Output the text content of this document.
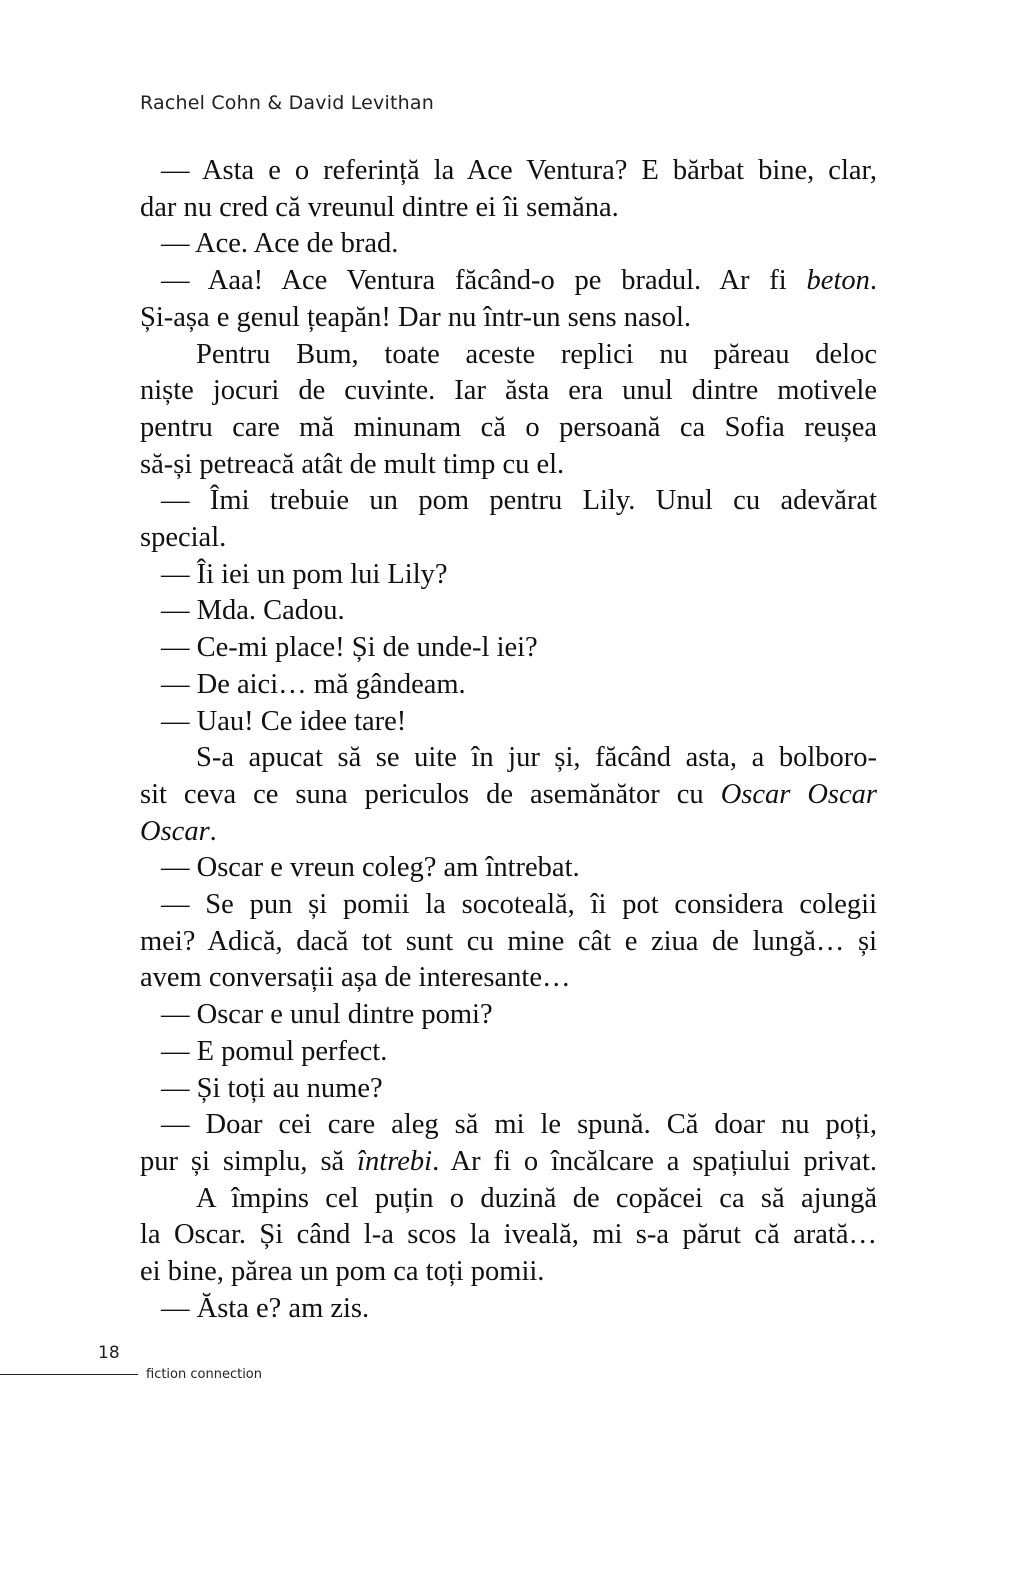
Rachel Cohn & David Levithan
— Asta e o referință la Ace Ventura? E bărbat bine, clar,
dar nu cred că vreunul dintre ei îi semăna.
— Ace. Ace de brad.
— Aaa! Ace Ventura făcând-o pe bradul. Ar fi beton.
Și-așa e genul țeapăn! Dar nu într-un sens nasol.
Pentru Bum, toate aceste replici nu păreau deloc
niște jocuri de cuvinte. Iar ăsta era unul dintre motivele
pentru care mă minunam că o persoană ca Sofia reușea
să-și petreacă atât de mult timp cu el.
— Îmi trebuie un pom pentru Lily. Unul cu adevărat
special.
— Îi iei un pom lui Lily?
— Mda. Cadou.
— Ce-mi place! Și de unde-l iei?
— De aici… mă gândeam.
— Uau! Ce idee tare!
S-a apucat să se uite în jur și, făcând asta, a bolboro-
sit ceva ce suna periculos de asemănător cu Oscar Oscar
Oscar.
— Oscar e vreun coleg? am întrebat.
— Se pun și pomii la socoteală, îi pot considera colegii
mei? Adică, dacă tot sunt cu mine cât e ziua de lungă… și
avem conversații așa de interesante…
— Oscar e unul dintre pomi?
— E pomul perfect.
— Și toți au nume?
— Doar cei care aleg să mi le spună. Că doar nu poți,
pur și simplu, să întrebi. Ar fi o încălcare a spațiului privat.
A împins cel puțin o duzină de copăcei ca să ajungă
la Oscar. Și când l-a scos la iveală, mi s-a părut că arată…
ei bine, părea un pom ca toți pomii.
— Ăsta e? am zis.
18
fiction connection
